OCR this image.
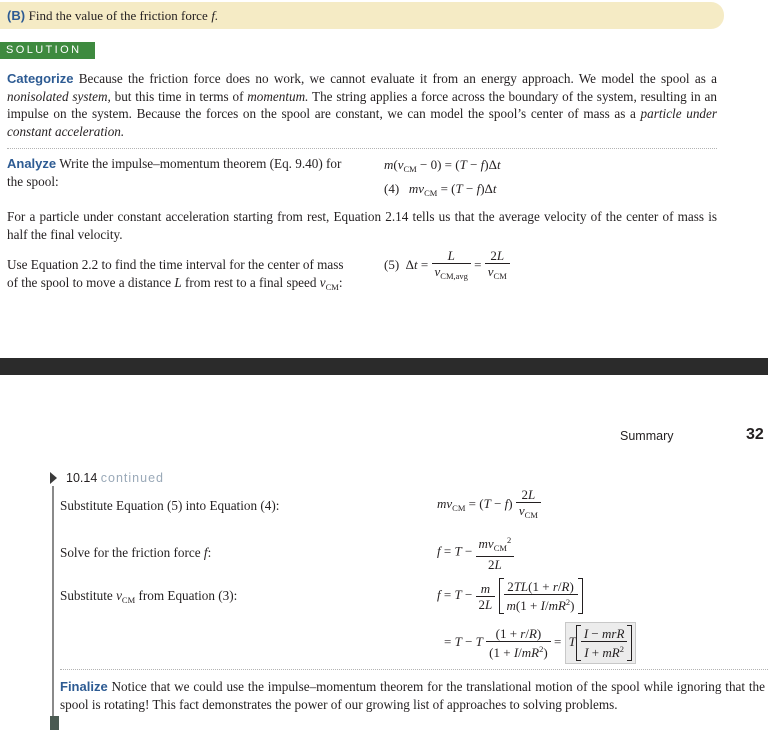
(B) Find the value of the friction force f.
SOLUTION
Categorize Because the friction force does no work, we cannot evaluate it from an energy approach. We model the spool as a nonisolated system, but this time in terms of momentum. The string applies a force across the boundary of the system, resulting in an impulse on the system. Because the forces on the spool are constant, we can model the spool’s center of mass as a particle under constant acceleration.
Analyze Write the impulse–momentum theorem (Eq. 9.40) for the spool:
$m(v_{CM} - 0) = (T - f)\Delta t$
(4) $mv_{CM} = (T - f)\Delta t$
For a particle under constant acceleration starting from rest, Equation 2.14 tells us that the average velocity of the center of mass is half the final velocity.
Use Equation 2.2 to find the time interval for the center of mass of the spool to move a distance L from rest to a final speed $v_{CM}$:
(5)  $\Delta t = \frac{L}{v_{CM,avg}} = \frac{2L}{v_{CM}}$
Summary	32
10.14 continued
Substitute Equation (5) into Equation (4):	$mv_{CM} = (T - f) \frac{2L}{v_{CM}}$
Solve for the friction force f:	$f = T - \frac{mv_{CM}^2}{2L}$
Substitute $v_{CM}$ from Equation (3):	$f = T - \frac{m}{2L}$
$\frac{2TL(1 + r/R)}{m(1 + I/mR^2)}$
= T − T $\frac{(1 + r/R)}{(1 + I/mR^2)} = T \frac{\text{I − mrR}}{I + mR^2}$
Finalize Notice that we could use the impulse–momentum theorem for the translational motion of the spool while ignoring that the spool is rotating! This fact demonstrates the power of our growing list of approaches to solving problems.
